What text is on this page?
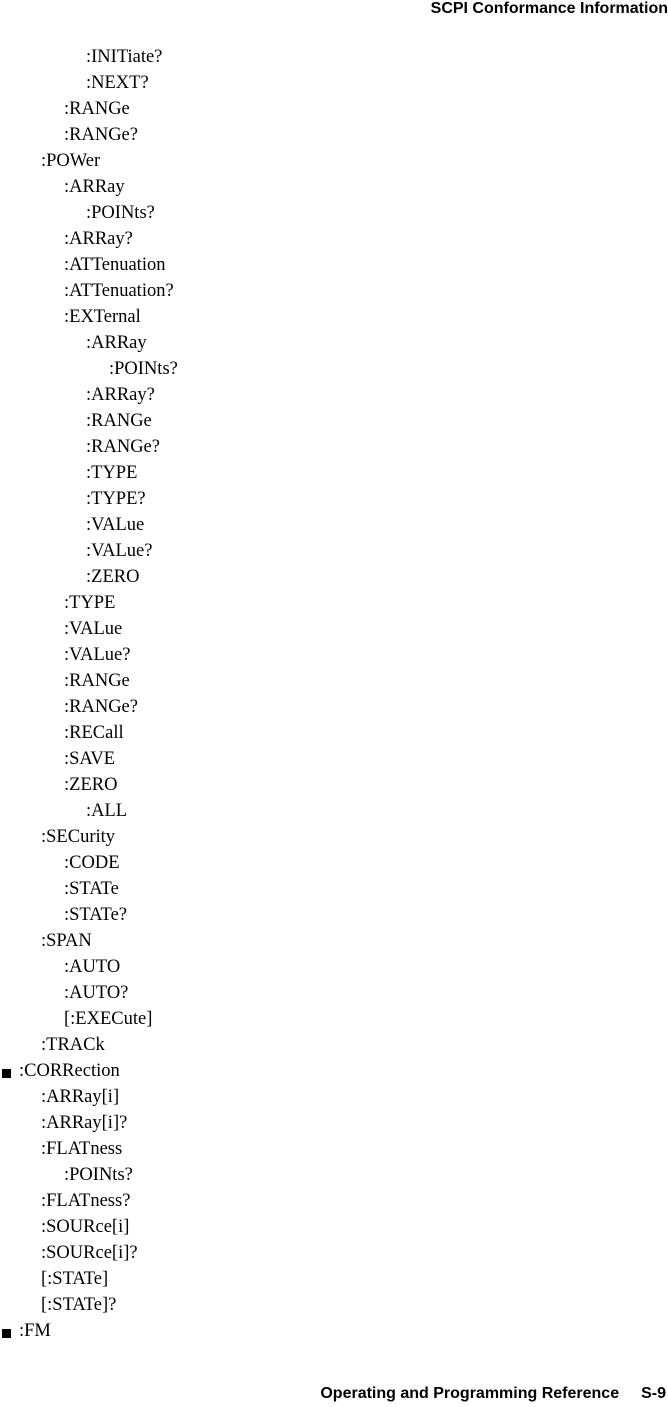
SCPI Conformance Information
:INITiate?
:NEXT?
:RANGe
:RANGe?
:POWer
:ARRay
:POINts?
:ARRay?
:ATTenuation
:ATTenuation?
:EXTernal
:ARRay
:POINts?
:ARRay?
:RANGe
:RANGe?
:TYPE
:TYPE?
:VALue
:VALue?
:ZERO
:TYPE
:VALue
:VALue?
:RANGe
:RANGe?
:RECall
:SAVE
:ZERO
:ALL
:SECurity
:CODE
:STATe
:STATe?
:SPAN
:AUTO
:AUTO?
[:EXECute]
:TRACk
:CORRection
:ARRay[i]
:ARRay[i]?
:FLATness
:POINts?
:FLATness?
:SOURce[i]
:SOURce[i]?
[:STATe]
[:STATe]?
:FM
Operating and Programming Reference S-9
